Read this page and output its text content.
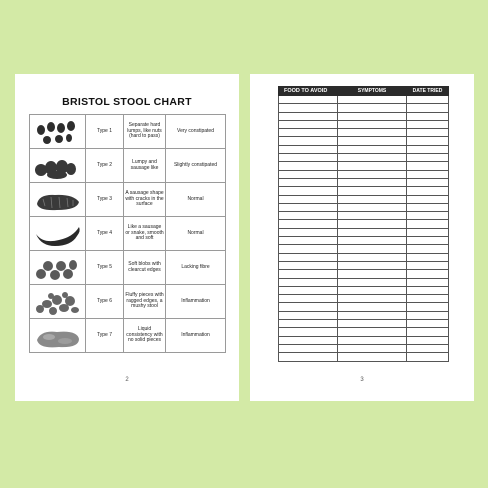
BRISTOL STOOL CHART
	Type 1	Separate hard lumps, like nuts (hard to pass)	Very constipated

	Type 2	Lumpy and sausage like	Slightly constipated

	Type 3	A sausage shape with cracks in the surface	Normal

	Type 4	Like a sausage or snake, smooth and soft	Normal

	Type 5	Soft blobs with clearcut edges	Lacking fibre

	Type 6	Fluffy pieces with ragged edges, a mushy stool	Inflammation

	Type 7	Liquid consistency with no solid pieces	Inflammation
2
FOOD TO AVOID	SYMPTOMS	DATE TRIED

3
